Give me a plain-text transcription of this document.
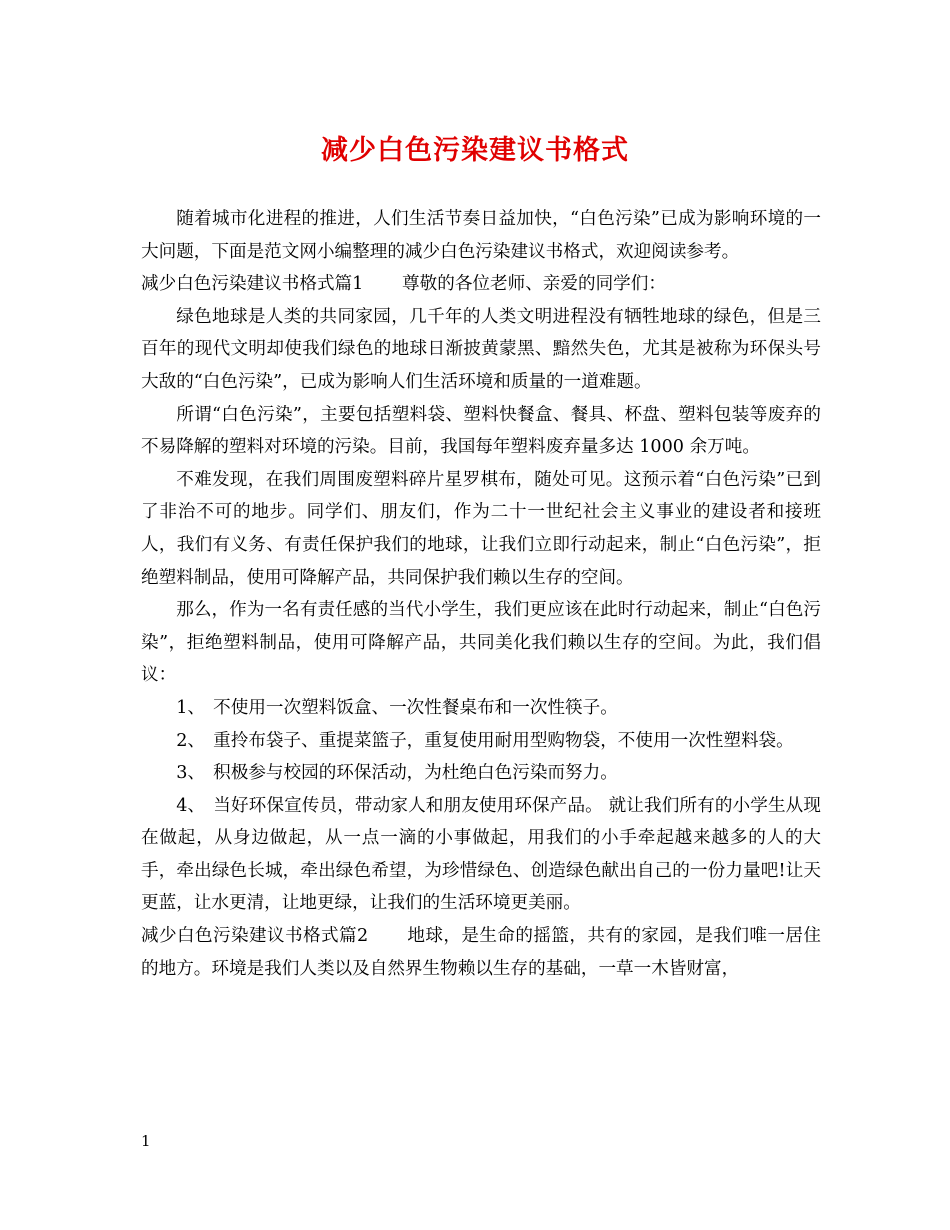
减少白色污染建议书格式

随着城市化进程的推进，人们生活节奏日益加快，“白色污染”已成为影响环境的一大问题，下面是范文网小编整理的减少白色污染建议书格式，欢迎阅读参考。

减少白色污染建议书格式篇1 尊敬的各位老师、亲爱的同学们：

绿色地球是人类的共同家园，几千年的人类文明进程没有牺牲地球的绿色，但是三百年的现代文明却使我们绿色的地球日渐披黄蒙黑、黯然失色，尤其是被称为环保头号大敌的“白色污染”，已成为影响人们生活环境和质量的一道难题。

所谓“白色污染”，主要包括塑料袋、塑料快餐盒、餐具、杯盘、塑料包装等废弃的不易降解的塑料对环境的污染。目前，我国每年塑料废弃量多达 1000 余万吨。

不难发现，在我们周围废塑料碎片星罗棋布，随处可见。这预示着“白色污染”已到了非治不可的地步。同学们、朋友们，作为二十一世纪社会主义事业的建设者和接班人，我们有义务、有责任保护我们的地球，让我们立即行动起来，制止“白色污染”，拒绝塑料制品，使用可降解产品，共同保护我们赖以生存的空间。

那么，作为一名有责任感的当代小学生，我们更应该在此时行动起来，制止“白色污染”，拒绝塑料制品，使用可降解产品，共同美化我们赖以生存的空间。为此，我们倡议：

1、 不使用一次塑料饭盒、一次性餐桌布和一次性筷子。

2、 重拎布袋子、重提菜篮子，重复使用耐用型购物袋，不使用一次性塑料袋。

3、 积极参与校园的环保活动，为杜绝白色污染而努力。

4、 当好环保宣传员，带动家人和朋友使用环保产品。 就让我们所有的小学生从现在做起，从身边做起，从一点一滴的小事做起，用我们的小手牵起越来越多的人的大手，牵出绿色长城，牵出绿色希望，为珍惜绿色、创造绿色献出自己的一份力量吧!让天更蓝，让水更清，让地更绿，让我们的生活环境更美丽。

减少白色污染建议书格式篇2 地球，是生命的摇篮，共有的家园，是我们唯一居住的地方。环境是我们人类以及自然界生物赖以生存的基础，一草一木皆财富，

1
